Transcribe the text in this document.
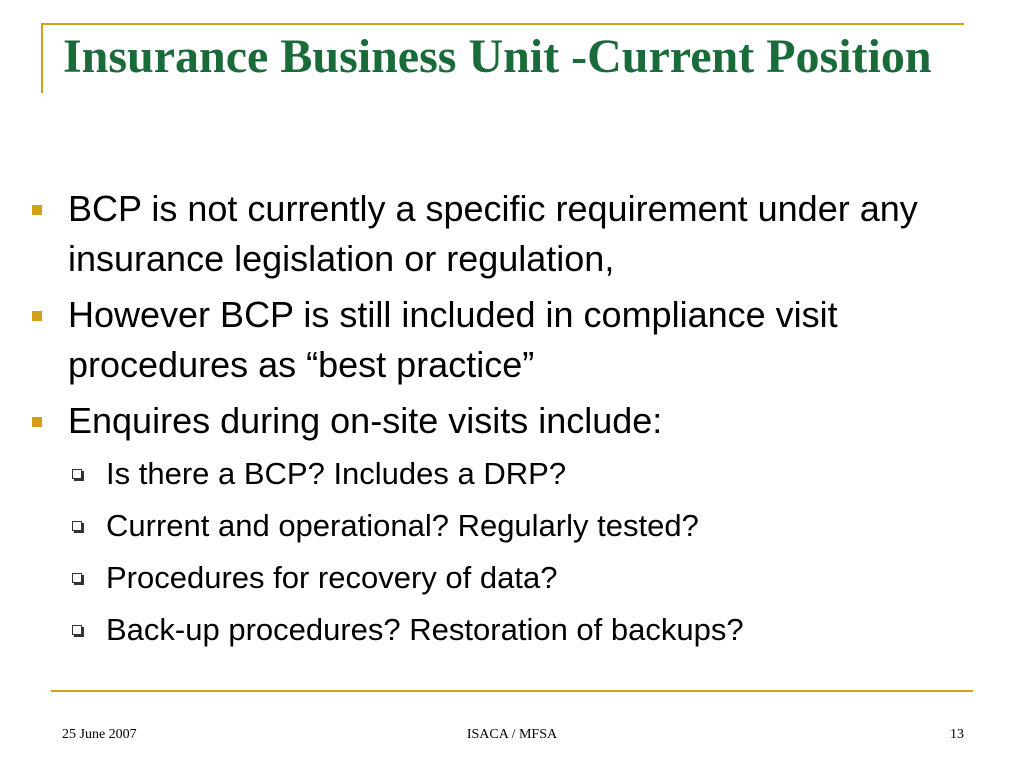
Insurance Business Unit -Current Position
BCP is not currently a specific requirement under any insurance legislation or regulation,
However BCP is still included in compliance visit procedures as “best practice”
Enquires during on-site visits include:
Is there a BCP? Includes a DRP?
Current and operational? Regularly tested?
Procedures for recovery of data?
Back-up procedures? Restoration of backups?
25 June 2007	ISACA / MFSA	13
